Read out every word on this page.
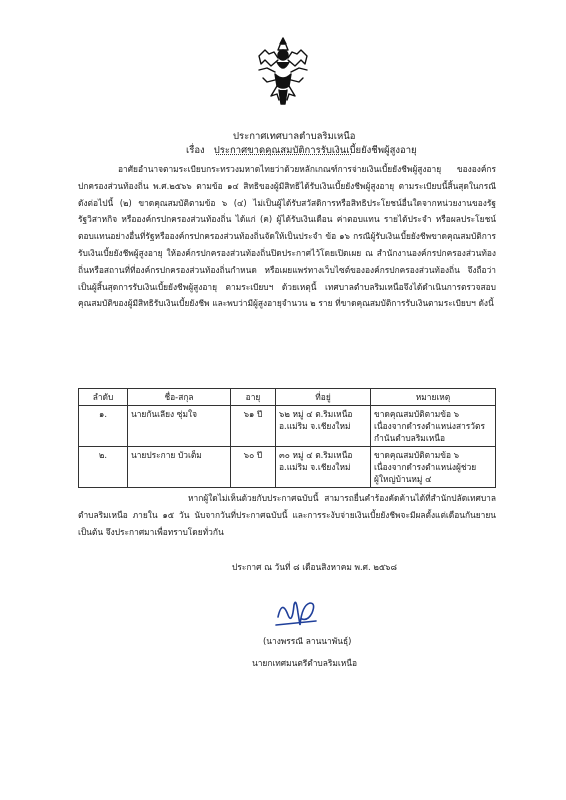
ประกาศเทศบาลตำบลริมเหนือ
เรื่อง ประกาศขาดคุณสมบัติการรับเงินเบี้ยยังชีพผู้สูงอายุ
อาศัยอำนาจตามระเบียบกระทรวงมหาดไทยว่าด้วยหลักเกณฑ์การจ่ายเงินเบี้ยยังชีพผู้สูงอายุ ขององค์กรปกครองส่วนท้องถิ่น พ.ศ.๒๕๖๖ ตามข้อ ๑๔ สิทธิของผู้มีสิทธิได้รับเงินเบี้ยยังชีพผู้สูงอายุ ตามระเบียบนี้สิ้นสุดในกรณี ดังต่อไปนี้ (๒) ขาดคุณสมบัติตามข้อ ๖ (๔) ไม่เป็นผู้ได้รับสวัสดิการหรือสิทธิประโยชน์อื่นใดจากหน่วยงานของรัฐ รัฐวิสาหกิจ หรือองค์กรปกครองส่วนท้องถิ่น ได้แก่ (ค) ผู้ได้รับเงินเดือน ค่าตอบแทน รายได้ประจำ หรือผลประโยชน์ตอบแทนอย่างอื่นที่รัฐหรือองค์กรปกครองส่วนท้องถิ่นจัดให้เป็นประจำ ข้อ ๑๖ กรณีผู้รับเงินเบี้ยยังชีพขาดคุณสมบัติการรับเงินเบี้ยยังชีพผู้สูงอายุ ให้องค์กรปกครองส่วนท้องถิ่นปิดประกาศไว้โดยเปิดเผย ณ สำนักงานองค์กรปกครองส่วนท้องถิ่นหรือสถานที่ที่องค์กรปกครองส่วนท้องถิ่นกำหนด หรือเผยแพร่ทางเว็บไซต์ขององค์กรปกครองส่วนท้องถิ่น จึงถือว่าเป็นผู้สิ้นสุดการรับเงินเบี้ยยังชีพผู้สูงอายุ ตามระเบียบฯ ด้วยเหตุนี้ เทศบาลตำบลริมเหนือจึงได้ดำเนินการตรวจสอบคุณสมบัติของผู้มีสิทธิรับเงินเบี้ยยังชีพ และพบว่ามีผู้สูงอายุจำนวน ๒ ราย ที่ขาดคุณสมบัติการรับเงินตามระเบียบฯ ดังนี้
ลำดับ	ชื่อ-สกุล	อายุ	ที่อยู่	หมายเหตุ
๑.	นายกันเลียง ซุ่มใจ	๖๑ ปี	๖๒ หมู่ ๔ ต.ริมเหนือ อ.แม่ริม จ.เชียงใหม่	ขาดคุณสมบัติตามข้อ ๖ เนื่องจากดำรงตำแหน่งสารวัตรกำนันตำบลริมเหนือ
๒.	นายประกาย บัวเต็ม	๖๐ ปี	๓๐ หมู่ ๔ ต.ริมเหนือ อ.แม่ริม จ.เชียงใหม่	ขาดคุณสมบัติตามข้อ ๖ เนื่องจากดำรงตำแหน่งผู้ช่วยผู้ใหญ่บ้านหมู่ ๔
หากผู้ใดไม่เห็นด้วยกับประกาศฉบับนี้ สามารถยื่นคำร้องคัดค้านได้ที่สำนักปลัดเทศบาลตำบลริมเหนือ ภายใน ๑๕ วัน นับจากวันที่ประกาศฉบับนี้ และการระงับจ่ายเงินเบี้ยยังชีพจะมีผลตั้งแต่เดือนกันยายน เป็นต้น จึงประกาศมาเพื่อทราบโดยทั่วกัน
ประกาศ ณ วันที่ ๘ เดือนสิงหาคม พ.ศ. ๒๕๖๘
(นางพรรณี ลานนาพันธุ์)
นายกเทศมนตรีตำบลริมเหนือ
